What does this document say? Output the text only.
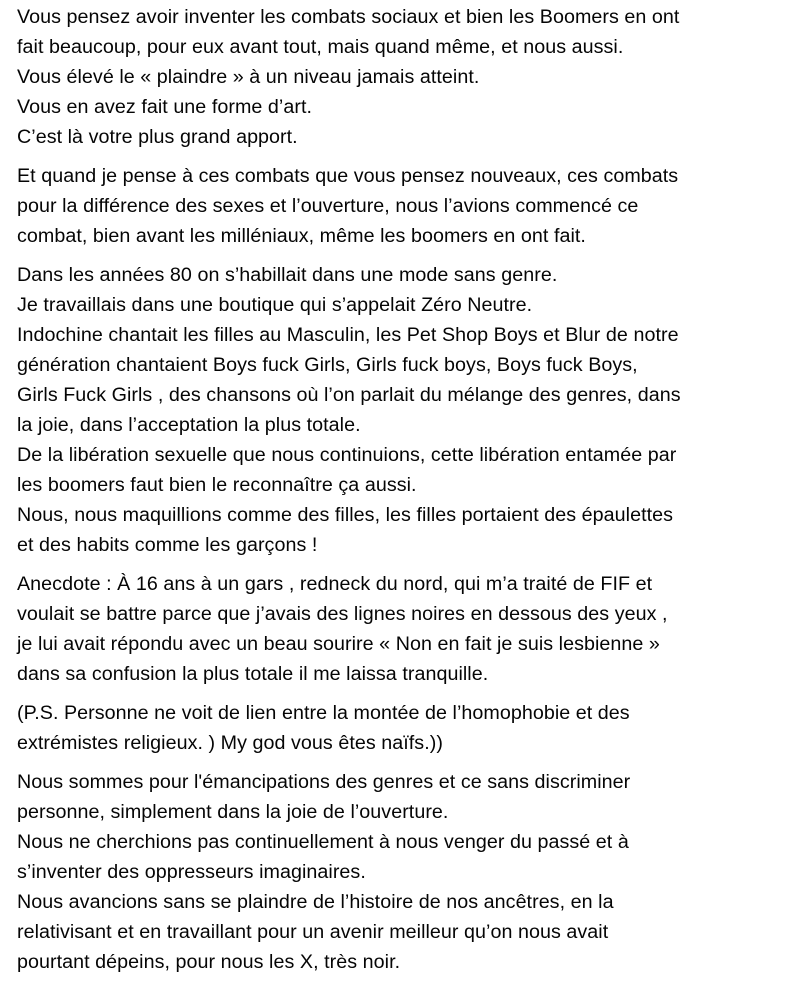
Vous pensez avoir inventer les combats sociaux et bien les Boomers en ont
fait beaucoup, pour eux avant tout, mais quand même, et nous aussi.
Vous élevé le « plaindre » à un niveau jamais atteint.
Vous en avez fait une forme d’art.
C’est là votre plus grand apport.

Et quand je pense à ces combats que vous pensez nouveaux, ces combats
pour la différence des sexes et l’ouverture, nous l’avions commencé ce
combat, bien avant les milléniaux, même les boomers en ont fait.

Dans les années 80 on s’habillait dans une mode sans genre.
Je travaillais dans une boutique qui s’appelait Zéro Neutre.
Indochine chantait les filles au Masculin, les Pet Shop Boys et Blur de notre
génération chantaient Boys fuck Girls, Girls fuck boys, Boys fuck Boys,
Girls Fuck Girls , des chansons où l’on parlait du mélange des genres, dans
la joie, dans l’acceptation la plus totale.
De la libération sexuelle que nous continuions, cette libération entamée par
les boomers faut bien le reconnaître ça aussi.
Nous, nous maquillions comme des filles, les filles portaient des épaulettes
et des habits comme les garçons !

Anecdote : À 16 ans à un gars , redneck du nord, qui m’a traité de FIF et
voulait se battre parce que j’avais des lignes noires en dessous des yeux ,
je lui avait répondu avec un beau sourire « Non en fait je suis lesbienne »
dans sa confusion la plus totale il me laissa tranquille.

(P.S. Personne ne voit de lien entre la montée de l’homophobie et des
extrémistes religieux. ) My god vous êtes naïfs.))

Nous sommes pour l'émancipations des genres et ce sans discriminer
personne, simplement dans la joie de l’ouverture.
Nous ne cherchions pas continuellement à nous venger du passé et à
s’inventer des oppresseurs imaginaires.
Nous avancions sans se plaindre de l’histoire de nos ancêtres, en la
relativisant et en travaillant pour un avenir meilleur qu’on nous avait
pourtant dépeins, pour nous les X, très noir.
